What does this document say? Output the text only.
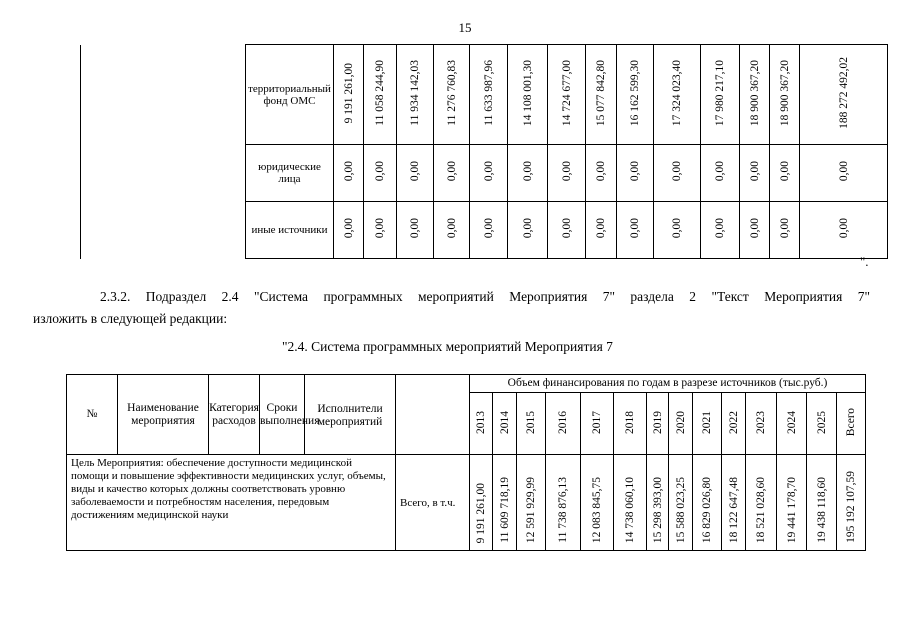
15
	территориальный фонд ОМС	9 191 261,00	11 058 244,90	11 934 142,03	11 276 760,83	11 633 987,96	14 108 001,30	14 724 677,00	15 077 842,80	16 162 599,30	17 324 023,40	17 980 217,10	18 900 367,20	18 900 367,20	188 272 492,02
	юридические лица	0,00	0,00	0,00	0,00	0,00	0,00	0,00	0,00	0,00	0,00	0,00	0,00	0,00	0,00
	иные источники	0,00	0,00	0,00	0,00	0,00	0,00	0,00	0,00	0,00	0,00	0,00	0,00	0,00	0,00
".
2.3.2. Подраздел 2.4 "Система программных мероприятий Мероприятия 7" раздела 2 "Текст Мероприятия 7"
изложить в следующей редакции:
"2.4. Система программных мероприятий Мероприятия 7
№	Наименование мероприятия	Категория расходов	Сроки выполнения	Исполнители мероприятий		Объем финансирования по годам в разрезе источников (тыс.руб.)													
						2013	2014	2015	2016	2017	2018	2019	2020	2021	2022	2023	2024	2025	Всего
Цель Мероприятия: обеспечение доступности медицинской помощи и повышение эффективности медицинских услуг, объемы, виды и качество которых должны соответствовать уровню заболеваемости и потребностям населения, передовым достижениям медицинской науки					Всего, в т.ч.	9 191 261,00	11 609 718,19	12 591 929,99	11 738 876,13	12 083 845,75	14 738 060,10	15 298 393,00	15 588 023,25	16 829 026,80	18 122 647,48	18 521 028,60	19 441 178,70	19 438 118,60	195 192 107,59
